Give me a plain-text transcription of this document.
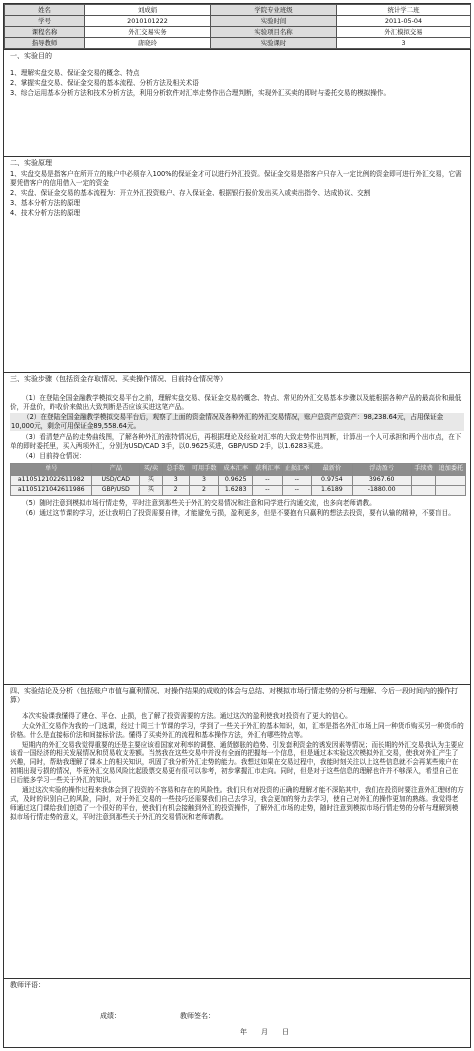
姓名	刘成娟	学院专业班级	统计学二班
学号	2010101222	实验时间	2011-05-04
课程名称	外汇交易实务	实验项目名称	外汇模拟交易
指导教师	唐晓玲	实验课时	3
一、实验目的

1、理解实盘交易、保证金交易的概念、特点

2、掌握实盘交易、保证金交易的基本流程、分析方法及相关术语

3、综合运用基本分析方法和技术分析方法，利用分析软件对汇率走势作出合理判断，实现外汇买卖的即时与委托交易的模拟操作。

二、实验原理

1、实盘交易是指客户在所开立的账户中必须存入100%的保证金才可以进行外汇投资。保证金交易是指客户只存入一定比例的资金即可进行外汇交易，它需要凭借客户的信用借入一定的资金

2、实盘、保证金交易的基本流程为：开立外汇投资账户、存入保证金、根据银行报价发出买入或卖出指令、达成协议、交割

3、基本分析方法的原理

4、技术分析方法的原理

三、实验步骤（包括资金存取情况、买卖操作情况、目前持仓情况等）

（1）在登陆全国金融教学模拟交易平台之前，理解实盘交易、保证金交易的概念、特点、常见的外汇交易基本步骤以及能根据各种产品的最高价和最低价，开盘价，昨收价来做出大致判断是否应该买进这笔产品。

（2）在登陆全国金融教学模拟交易平台后，观察了上面的资金情况及各种外汇的外汇交易情况，账户总资产总资产：98,238.64元，占用保证金10,000元，剩余可用保证金89,558.64元。

（3）看清楚产品的走势曲线图，了解各种外汇的涨特情况后，再根据理论及经验对汇率的大致走势作出判断，计算出一个人可承担和两个出市点，在下单的即时委托里，买入两项外汇，分别为USD/CAD 3手，以0.9625买进，GBP/USD 2手，以1.6283买进。

（4）目前持仓情况：

单号	产品	买/卖	总手数	可用手数	成本汇率	获利汇率	止损汇率	最新价	浮动盈亏	手续费	追加委托
a1105121022611982	USD/CAD	买	3	3	0.9625	--	--	0.9754	3967.60		
a1105121042611986	GBP/USD	买	2	2	1.6283	--	--	1.6189	-1880.00		

（5）随时注意到模拟市场行情走势，平时注意到那些关于外汇的交易情况和注意和同学进行沟通交流，也多向老师请教。

（6）通过这节课的学习，还让我明白了投资需要自律，才能避免亏损，盈利更多，但是不要抱有只赢利的想法去投资，要有认输的精神，不要盲目。

四、实验结论及分析（包括账户市值与赢利情况、对操作结果的成败的体会与总结、对模拟市场行情走势的分析与理解、今后一段时间内的操作打算）

本次实验课我懂得了建仓、平仓、止损，也了解了投资需要的方法。通过这次的盈利使我对投资有了更大的信心。

大众外汇交易作为我的一门选课，经过十周三十节课的学习，学到了一些关于外汇的基本知识，如，汇率是指名外汇市场上同一种货币购买另一种货币的价格。什么是直接标价法和间接标价法。懂得了买卖外汇的流程和基本操作方法，外汇有哪些特点等。

短期内的外汇交易我觉得重要的还是主要应该看国家对利率的调整、通货膨胀的趋势、引发套利资金的诱发因素等情况；而长期的外汇交易我认为主要应该看一国经济的相关发展情况和贸易收支差额。当然我在这些交易中并没有全面的把握每一个信息，但是通过本实验这次模拟外汇交易，使我对外汇产生了兴趣，同时，帮助我理解了课本上的相关知识，巩固了我分析外汇走势的能力。我想过如果在交易过程中，我能时刻关注以上这些信息就不会再某些账户在初期出现亏损的情况，毕竟外汇交易风险比起股票交易更有很可以参考，初步掌握汇市走向。同时，但是对于这些信息的理解也许并不够深入，希望自己在日后能多学习一些关于外汇的知识。

通过这次实验的操作过程来我体会到了投资的不容易和存在的风险性。我们只有对投资的正确的理解才能不深陷其中，我们在投资时要注意外汇理财的方式，及时的识别自己的风险，同时，对于外汇交易的一些技巧还需要我们自己去学习，我会更加的努力去学习，使自己对外汇的操作更加的熟练。我觉得老师通过这门课给我们创造了一个很好的平台，使我们有机会接触到外汇的投资操作，了解外汇市场的走势，随时注意到模拟市场行情走势的分析与理解到模拟市场行情走势的意义，平时注意到那些关于外汇的交易情况和老师请教。

教师评语：
成绩：	教师签名：
年　　月　　日
